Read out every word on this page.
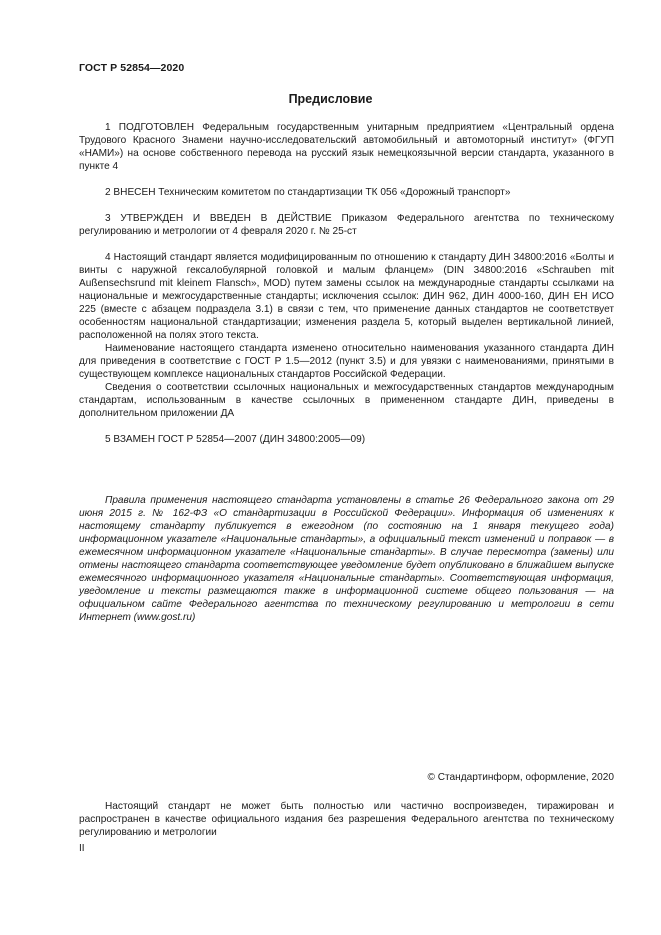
ГОСТ Р 52854—2020
Предисловие

1 ПОДГОТОВЛЕН Федеральным государственным унитарным предприятием «Центральный ордена Трудового Красного Знамени научно-исследовательский автомобильный и автомоторный институт» (ФГУП «НАМИ») на основе собственного перевода на русский язык немецкоязычной версии стандарта, указанного в пункте 4

2 ВНЕСЕН Техническим комитетом по стандартизации ТК 056 «Дорожный транспорт»

3 УТВЕРЖДЕН И ВВЕДЕН В ДЕЙСТВИЕ Приказом Федерального агентства по техническому регулированию и метрологии от 4 февраля 2020 г. № 25-ст

4 Настоящий стандарт является модифицированным по отношению к стандарту ДИН 34800:2016 «Болты и винты с наружной гексалобулярной головкой и малым фланцем» (DIN 34800:2016 «Schrauben mit Außensechsrund mit kleinem Flansch», MOD) путем замены ссылок на международные стандарты ссылками на национальные и межгосударственные стандарты; исключения ссылок: ДИН 962, ДИН 4000-160, ДИН ЕН ИСО 225 (вместе с абзацем подраздела 3.1) в связи с тем, что применение данных стандартов не соответствует особенностям национальной стандартизации; изменения раздела 5, который выделен вертикальной линией, расположенной на полях этого текста.

Наименование настоящего стандарта изменено относительно наименования указанного стандарта ДИН для приведения в соответствие с ГОСТ Р 1.5—2012 (пункт 3.5) и для увязки с наименованиями, принятыми в существующем комплексе национальных стандартов Российской Федерации.

Сведения о соответствии ссылочных национальных и межгосударственных стандартов международным стандартам, использованным в качестве ссылочных в примененном стандарте ДИН, приведены в дополнительном приложении ДА

5 ВЗАМЕН ГОСТ Р 52854—2007 (ДИН 34800:2005—09)

Правила применения настоящего стандарта установлены в статье 26 Федерального закона от 29 июня 2015 г. № 162-ФЗ «О стандартизации в Российской Федерации». Информация об изменениях к настоящему стандарту публикуется в ежегодном (по состоянию на 1 января текущего года) информационном указателе «Национальные стандарты», а официальный текст изменений и поправок — в ежемесячном информационном указателе «Национальные стандарты». В случае пересмотра (замены) или отмены настоящего стандарта соответствующее уведомление будет опубликовано в ближайшем выпуске ежемесячного информационного указателя «Национальные стандарты». Соответствующая информация, уведомление и тексты размещаются также в информационной системе общего пользования — на официальном сайте Федерального агентства по техническому регулированию и метрологии в сети Интернет (www.gost.ru)

© Стандартинформ, оформление, 2020

Настоящий стандарт не может быть полностью или частично воспроизведен, тиражирован и распространен в качестве официального издания без разрешения Федерального агентства по техническому регулированию и метрологии

II
